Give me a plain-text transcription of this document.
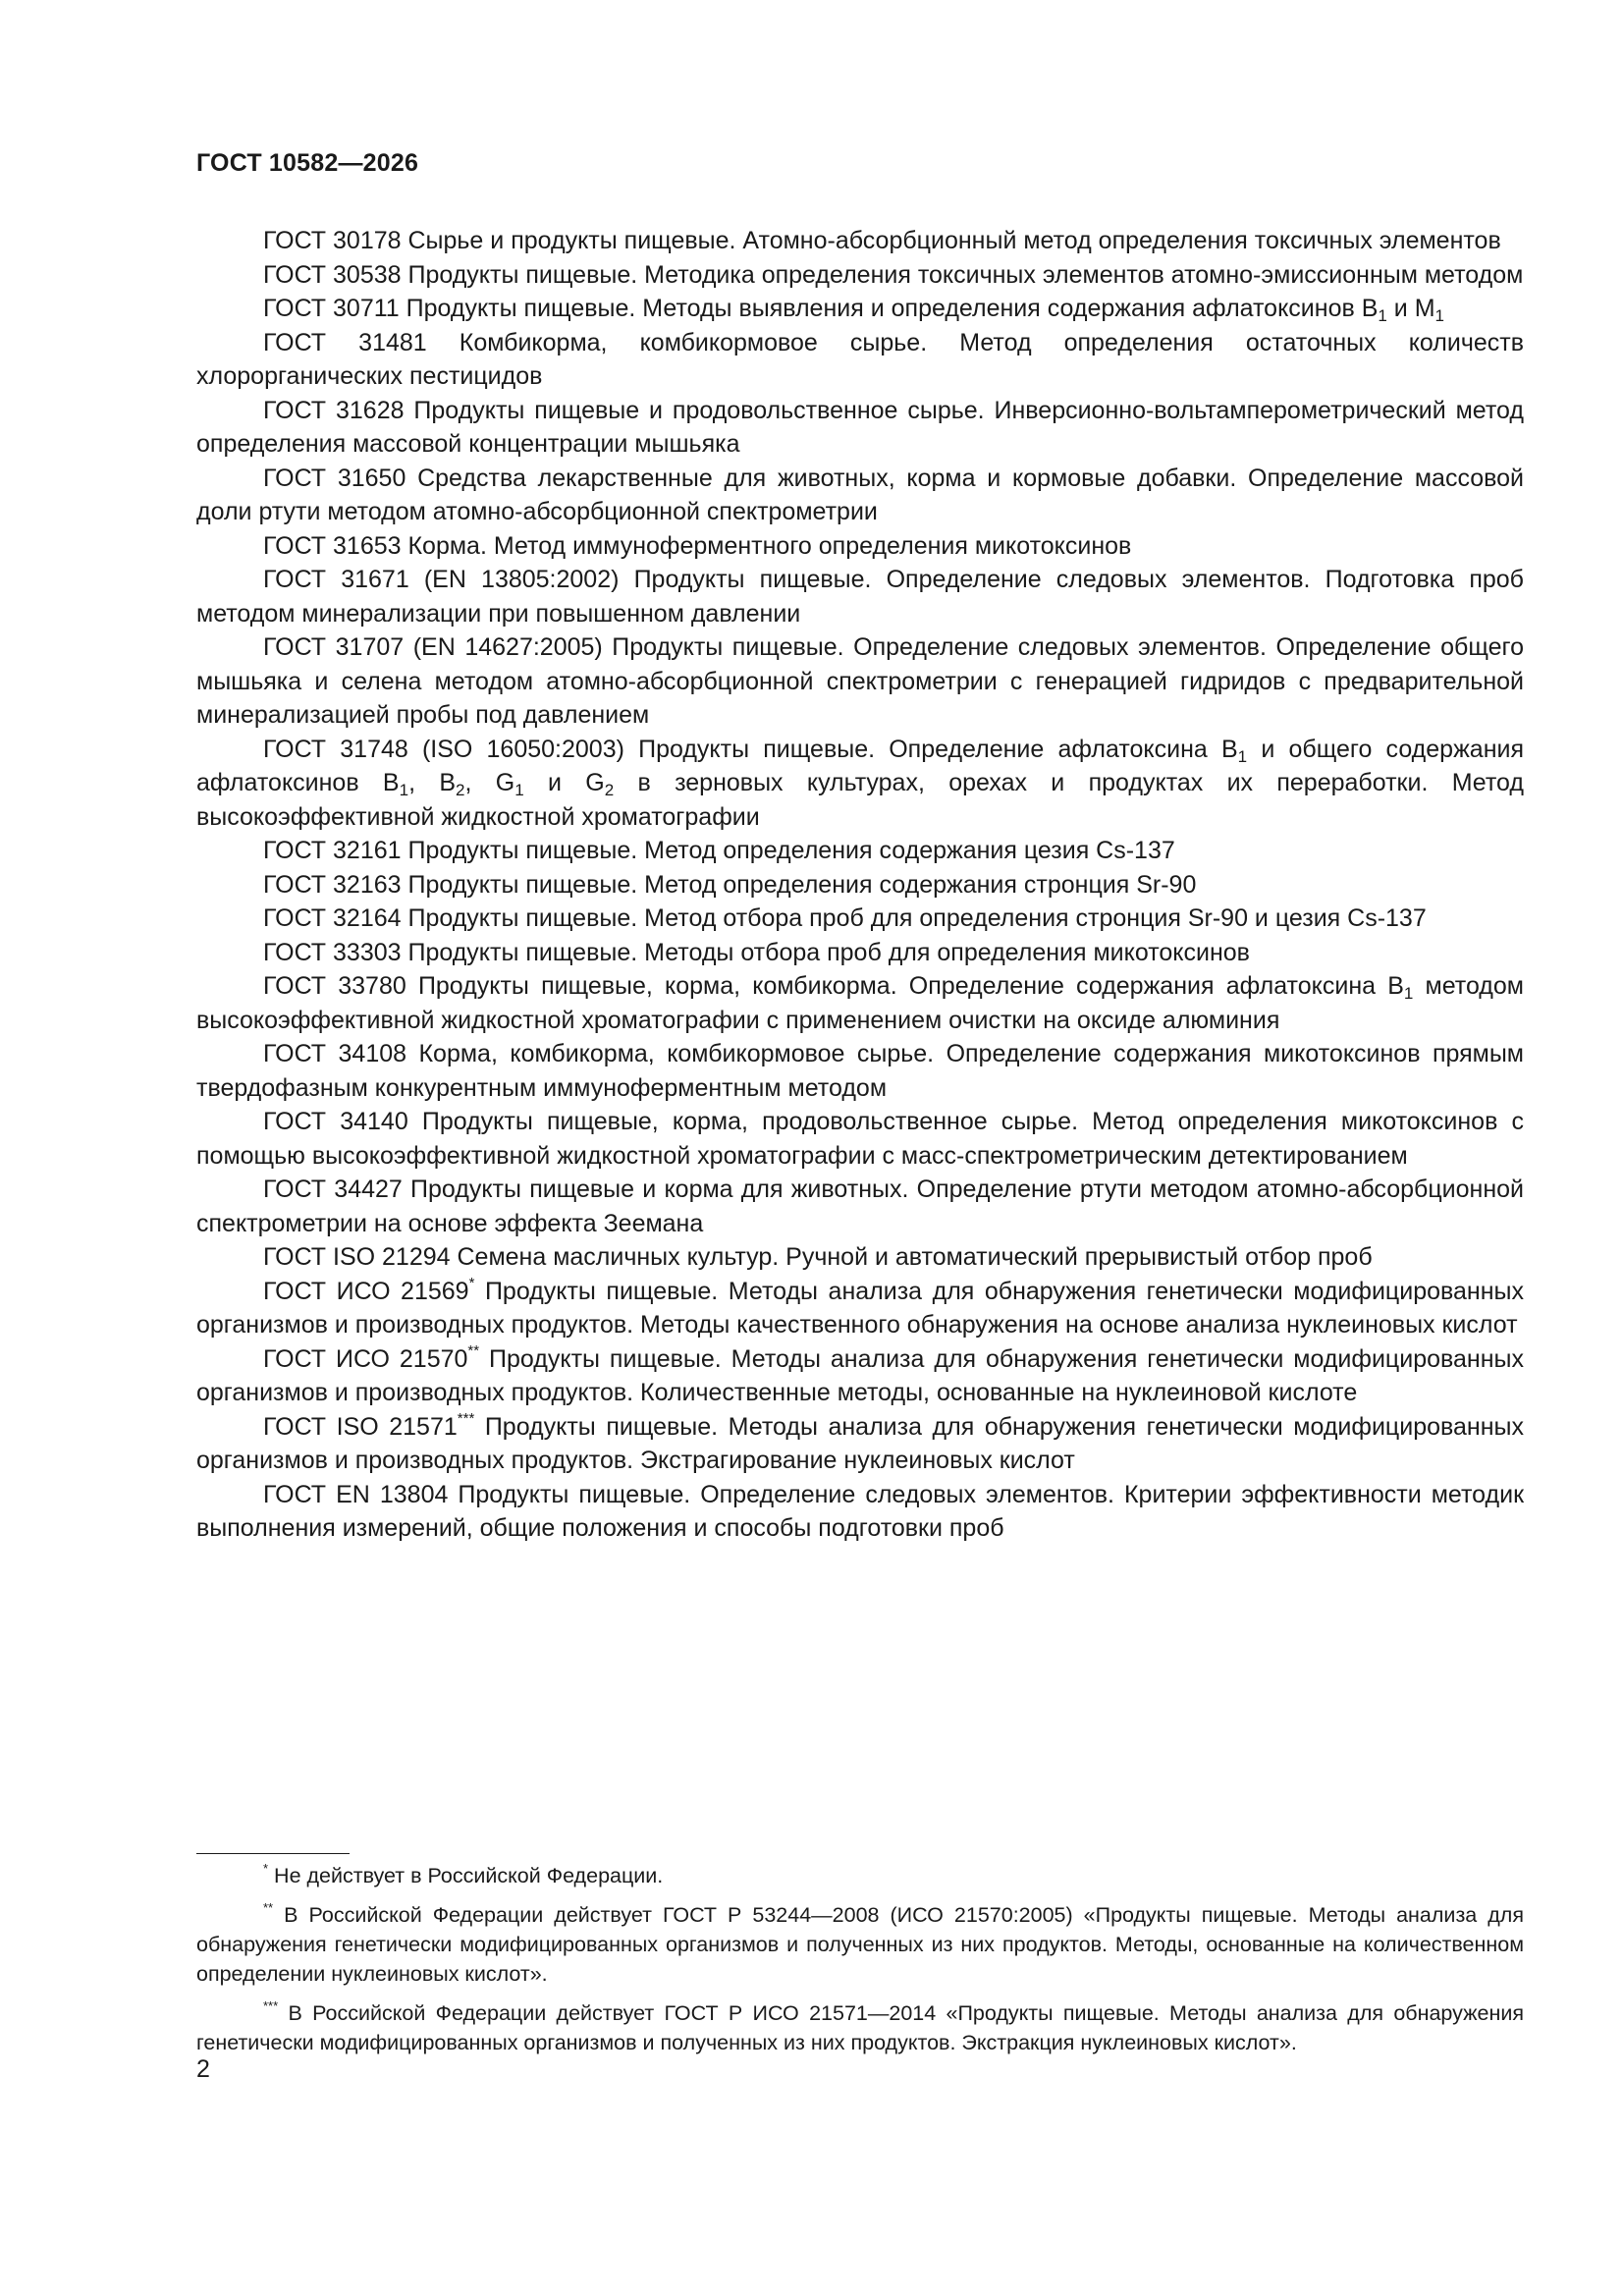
ГОСТ 10582—2026

ГОСТ 30178 Сырье и продукты пищевые. Атомно-абсорбционный метод определения токсичных элементов

ГОСТ 30538 Продукты пищевые. Методика определения токсичных элементов атомно-эмиссионным методом

ГОСТ 30711 Продукты пищевые. Методы выявления и определения содержания афлатоксинов $В_1$ и $М_1$

ГОСТ 31481 Комбикорма, комбикормовое сырье. Метод определения остаточных количеств хлорорганических пестицидов

ГОСТ 31628 Продукты пищевые и продовольственное сырье. Инверсионно-вольтамперометрический метод определения массовой концентрации мышьяка

ГОСТ 31650 Средства лекарственные для животных, корма и кормовые добавки. Определение массовой доли ртути методом атомно-абсорбционной спектрометрии

ГОСТ 31653 Корма. Метод иммуноферментного определения микотоксинов

ГОСТ 31671 (EN 13805:2002) Продукты пищевые. Определение следовых элементов. Подготовка проб методом минерализации при повышенном давлении

ГОСТ 31707 (EN 14627:2005) Продукты пищевые. Определение следовых элементов. Определение общего мышьяка и селена методом атомно-абсорбционной спектрометрии с генерацией гидридов с предварительной минерализацией пробы под давлением

ГОСТ 31748 (ISO 16050:2003) Продукты пищевые. Определение афлатоксина $В_1$ и общего содержания афлатоксинов $В_1$, $В_2$, $G_1$ и $G_2$ в зерновых культурах, орехах и продуктах их переработки. Метод высокоэффективной жидкостной хроматографии

ГОСТ 32161 Продукты пищевые. Метод определения содержания цезия Cs-137

ГОСТ 32163 Продукты пищевые. Метод определения содержания стронция Sr-90

ГОСТ 32164 Продукты пищевые. Метод отбора проб для определения стронция Sr-90 и цезия Cs-137

ГОСТ 33303 Продукты пищевые. Методы отбора проб для определения микотоксинов

ГОСТ 33780 Продукты пищевые, корма, комбикорма. Определение содержания афлатоксина $В_1$ методом высокоэффективной жидкостной хроматографии с применением очистки на оксиде алюминия

ГОСТ 34108 Корма, комбикорма, комбикормовое сырье. Определение содержания микотоксинов прямым твердофазным конкурентным иммуноферментным методом

ГОСТ 34140 Продукты пищевые, корма, продовольственное сырье. Метод определения микотоксинов с помощью высокоэффективной жидкостной хроматографии с масс-спектрометрическим детектированием

ГОСТ 34427 Продукты пищевые и корма для животных. Определение ртути методом атомно-абсорбционной спектрометрии на основе эффекта Зеемана

ГОСТ ISO 21294 Семена масличных культур. Ручной и автоматический прерывистый отбор проб

ГОСТ ИСО 21569* Продукты пищевые. Методы анализа для обнаружения генетически модифицированных организмов и производных продуктов. Методы качественного обнаружения на основе анализа нуклеиновых кислот

ГОСТ ИСО 21570** Продукты пищевые. Методы анализа для обнаружения генетически модифицированных организмов и производных продуктов. Количественные методы, основанные на нуклеиновой кислоте

ГОСТ ISO 21571*** Продукты пищевые. Методы анализа для обнаружения генетически модифицированных организмов и производных продуктов. Экстрагирование нуклеиновых кислот

ГОСТ EN 13804 Продукты пищевые. Определение следовых элементов. Критерии эффективности методик выполнения измерений, общие положения и способы подготовки проб

* Не действует в Российской Федерации.

** В Российской Федерации действует ГОСТ Р 53244—2008 (ИСО 21570:2005) «Продукты пищевые. Методы анализа для обнаружения генетически модифицированных организмов и полученных из них продуктов. Методы, основанные на количественном определении нуклеиновых кислот».

*** В Российской Федерации действует ГОСТ Р ИСО 21571—2014 «Продукты пищевые. Методы анализа для обнаружения генетически модифицированных организмов и полученных из них продуктов. Экстракция нуклеиновых кислот».

2
